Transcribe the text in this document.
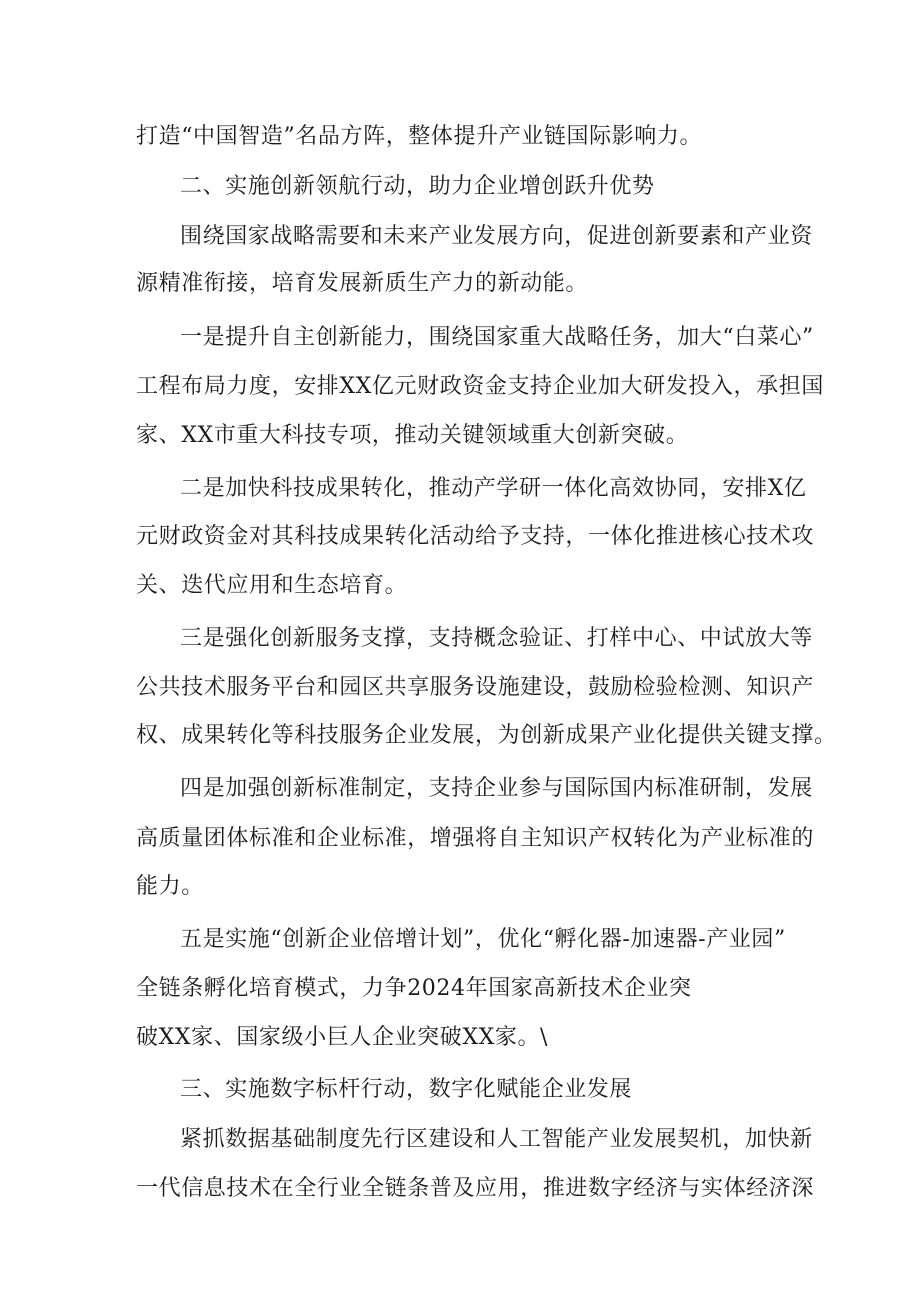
打造“中国智造”名品方阵，整体提升产业链国际影响力。

二、实施创新领航行动，助力企业增创跃升优势

围绕国家战略需要和未来产业发展方向，促进创新要素和产业资

源精准衔接，培育发展新质生产力的新动能。

一是提升自主创新能力，围绕国家重大战略任务，加大“白菜心”

工程布局力度，安排XX亿元财政资金支持企业加大研发投入，承担国

家、XX市重大科技专项，推动关键领域重大创新突破。

二是加快科技成果转化，推动产学研一体化高效协同，安排X亿

元财政资金对其科技成果转化活动给予支持，一体化推进核心技术攻

关、迭代应用和生态培育。

三是强化创新服务支撑，支持概念验证、打样中心、中试放大等

公共技术服务平台和园区共享服务设施建设，鼓励检验检测、知识产

权、成果转化等科技服务企业发展，为创新成果产业化提供关键支撑。

四是加强创新标准制定，支持企业参与国际国内标准研制，发展

高质量团体标准和企业标准，增强将自主知识产权转化为产业标准的

能力。

五是实施“创新企业倍增计划”，优化“孵化器-加速器-产业园”

全链条孵化培育模式，力争2024年国家高新技术企业突

破XX家、国家级小巨人企业突破XX家。\

三、实施数字标杆行动，数字化赋能企业发展

紧抓数据基础制度先行区建设和人工智能产业发展契机，加快新

一代信息技术在全行业全链条普及应用，推进数字经济与实体经济深
